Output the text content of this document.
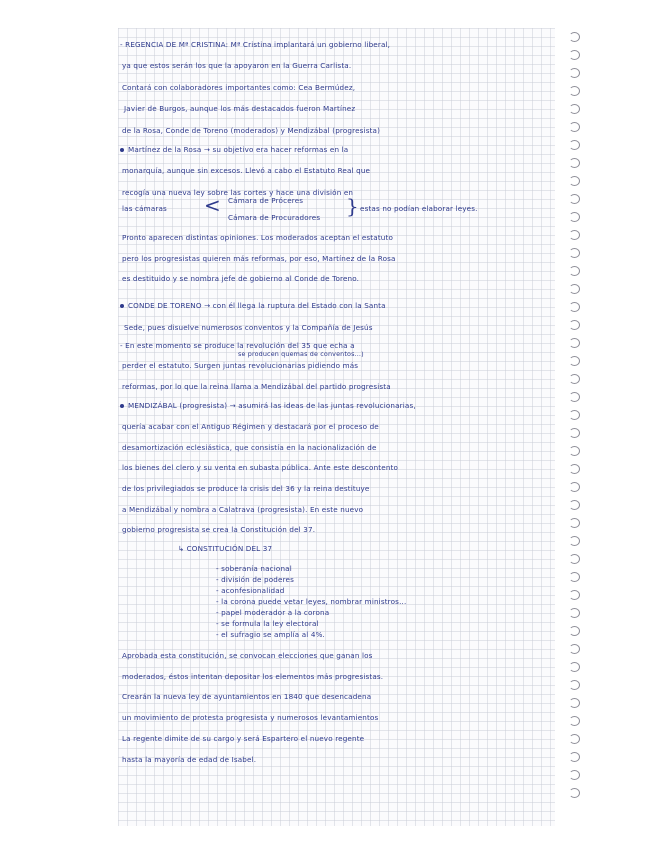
- REGENCIA DE Mª CRISTINA: Mª Cristina implantará un gobierno liberal,
ya que estos serán los que la apoyaron en la Guerra Carlista.
Contará con colaboradores importantes como: Cea Bermúdez,
Javier de Burgos, aunque los más destacados fueron Martínez
de la Rosa, Conde de Toreno (moderados) y Mendizábal (progresista)
Martínez de la Rosa → su objetivo era hacer reformas en la
monarquía, aunque sin excesos. Llevó a cabo el Estatuto Real que
recogía una nueva ley sobre las cortes y hace una división en
Cámara de Próceres
las cámaras <	} estas no podían elaborar leyes.
Cámara de Procuradores
Pronto aparecen distintas opiniones. Los moderados aceptan el estatuto
pero los progresistas quieren más reformas, por eso, Martínez de la Rosa
es destituido y se nombra jefe de gobierno al Conde de Toreno.
CONDE DE TORENO → con él llega la ruptura del Estado con la Santa
Sede, pues disuelve numerosos conventos y la Compañía de Jesús
- En este momento se produce la revolución del 35 que echa a
se producen quemas de conventos...)
perder el estatuto. Surgen juntas revolucionarias pidiendo más
reformas, por lo que la reina llama a Mendizábal del partido progresista
MENDIZÁBAL (progresista) → asumirá las ideas de las juntas revolucionarias,
quería acabar con el Antiguo Régimen y destacará por el proceso de
desamortización eclesiástica, que consistía en la nacionalización de
los bienes del clero y su venta en subasta pública. Ante este descontento
de los privilegiados se produce la crisis del 36 y la reina destituye
a Mendizábal y nombra a Calatrava (progresista). En este nuevo
gobierno progresista se crea la Constitución del 37.
↳ CONSTITUCIÓN DEL 37
- soberanía nacional
- división de poderes
- aconfesionalidad
- la corona puede vetar leyes, nombrar ministros...
- papel moderador a la corona
- se formula la ley electoral
- el sufragio se amplía al 4%.
Aprobada esta constitución, se convocan elecciones que ganan los
moderados, éstos intentan depositar los elementos más progresistas.
Crearán la nueva ley de ayuntamientos en 1840 que desencadena
un movimiento de protesta progresista y numerosos levantamientos
La regente dimite de su cargo y será Espartero el nuevo regente
hasta la mayoría de edad de Isabel.
